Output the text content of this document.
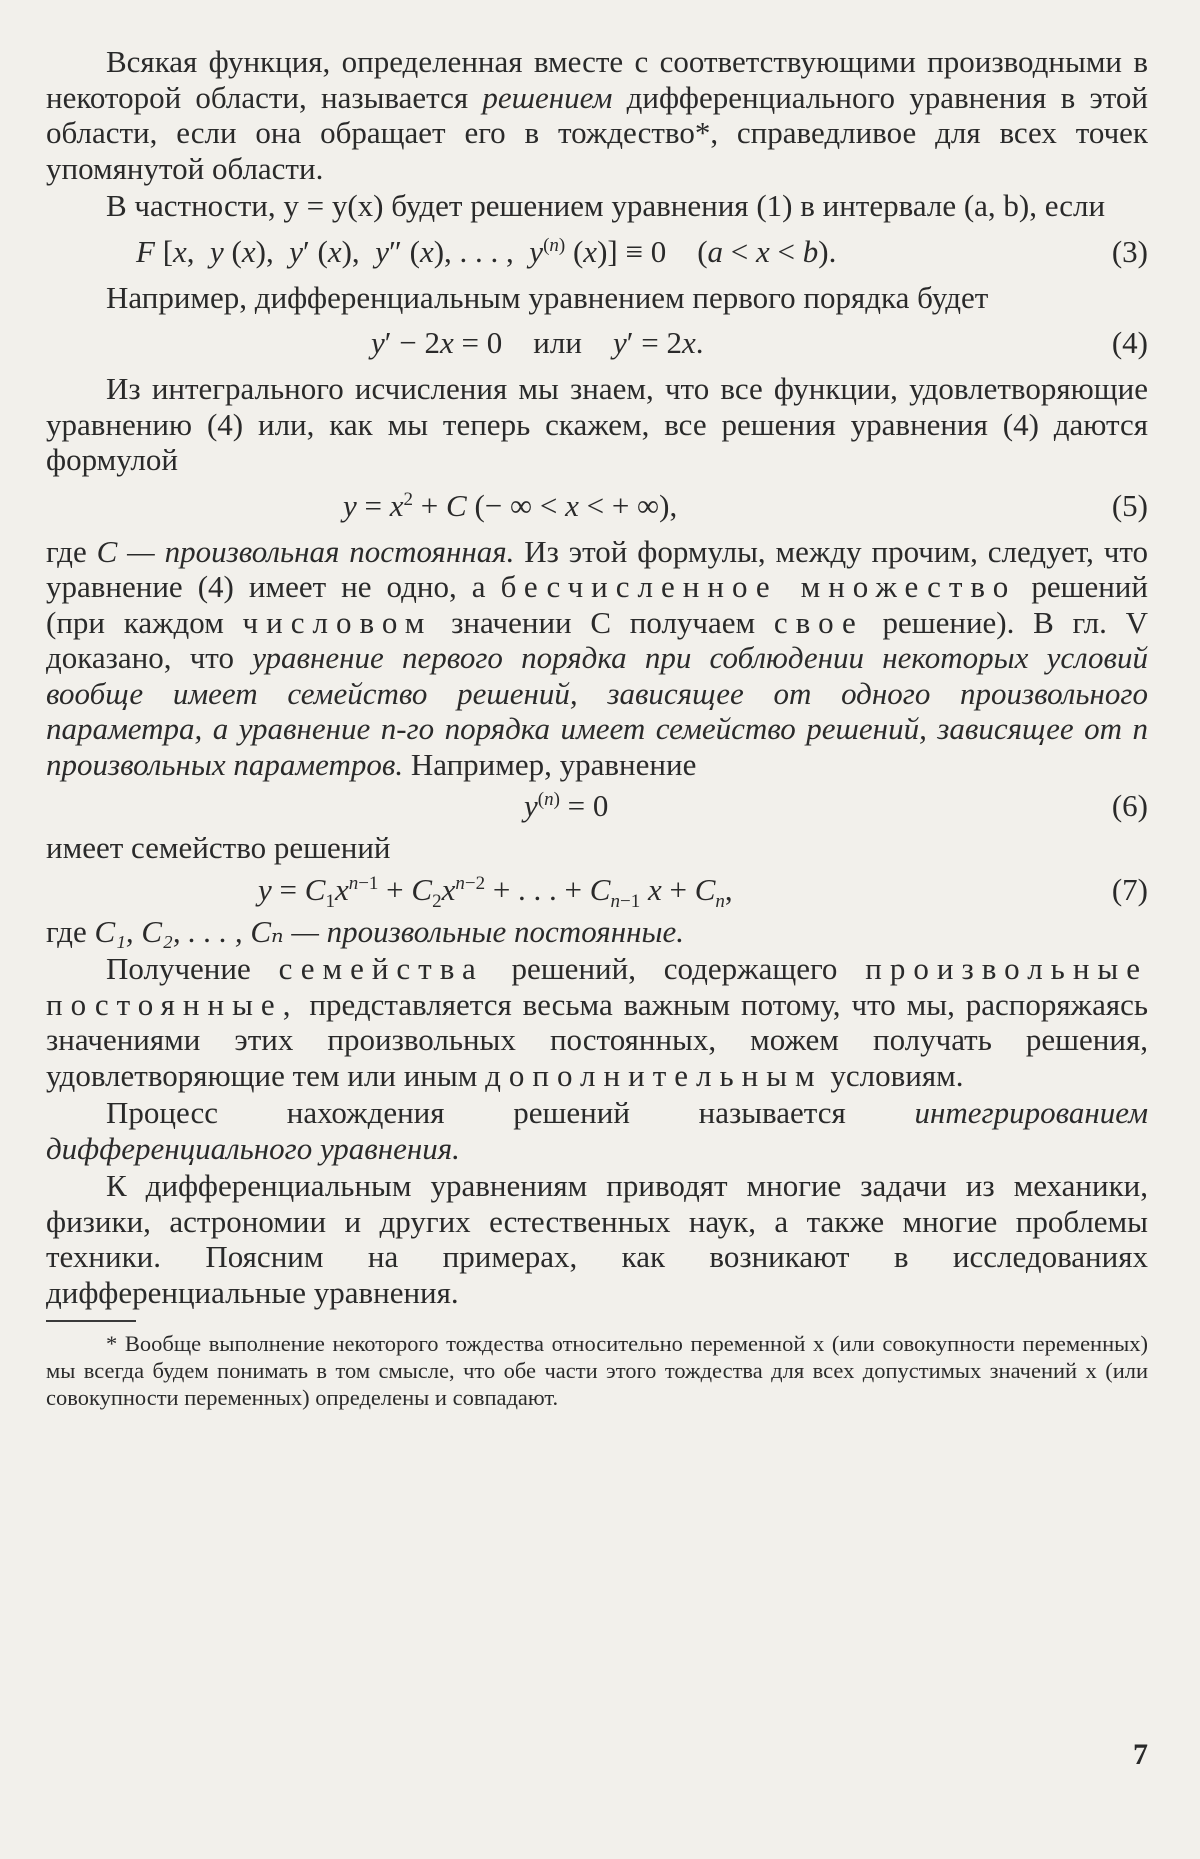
Всякая функция, определенная вместе с соответствующими производными в некоторой области, называется решением дифференциального уравнения в этой области, если она обращает его в тождество*, справедливое для всех точек упомянутой области.

В частности, y = y(x) будет решением уравнения (1) в интервале (a, b), если

F [x,  y (x),  y′ (x),  y″ (x), . . . ,  $y^{(n)}$ (x)] ≡ 0    (a < x < b).	(3)

Например, дифференциальным уравнением первого порядка будет

y′ − 2x = 0    или    y′ = 2x.	(4)

Из интегрального исчисления мы знаем, что все функции, удовлетворяющие уравнению (4) или, как мы теперь скажем, все решения уравнения (4) даются формулой

$y = x^2 + C$ (− ∞ < x < + ∞),	(5)

где C — произвольная постоянная. Из этой формулы, между прочим, следует, что уравнение (4) имеет не одно, а бесчисленное множество решений (при каждом числовом значении C получаем свое решение). В гл. V доказано, что уравнение первого порядка при соблюдении некоторых условий вообще имеет семейство решений, зависящее от одного произвольного параметра, а уравнение n-го порядка имеет семейство решений, зависящее от n произвольных параметров. Например, уравнение

$y^{(n)} = 0$	(6)

имеет семейство решений

$y = C_1x^{n-1} + C_2x^{n-2}$ + . . . + $C_{n-1}$ $x + C_n$,	(7)

где C₁, C₂, . . . , Cₙ — произвольные постоянные.

Получение семейства решений, содержащего произвольные постоянные, представляется весьма важным потому, что мы, распоряжаясь значениями этих произвольных постоянных, можем получать решения, удовлетворяющие тем или иным дополнительным условиям.

Процесс нахождения решений называется интегрированием дифференциального уравнения.

К дифференциальным уравнениям приводят многие задачи из механики, физики, астрономии и других естественных наук, а также многие проблемы техники. Поясним на примерах, как возникают в исследованиях дифференциальные уравнения.

* Вообще выполнение некоторого тождества относительно переменной x (или совокупности переменных) мы всегда будем понимать в том смысле, что обе части этого тождества для всех допустимых значений x (или совокупности переменных) определены и совпадают.

7
